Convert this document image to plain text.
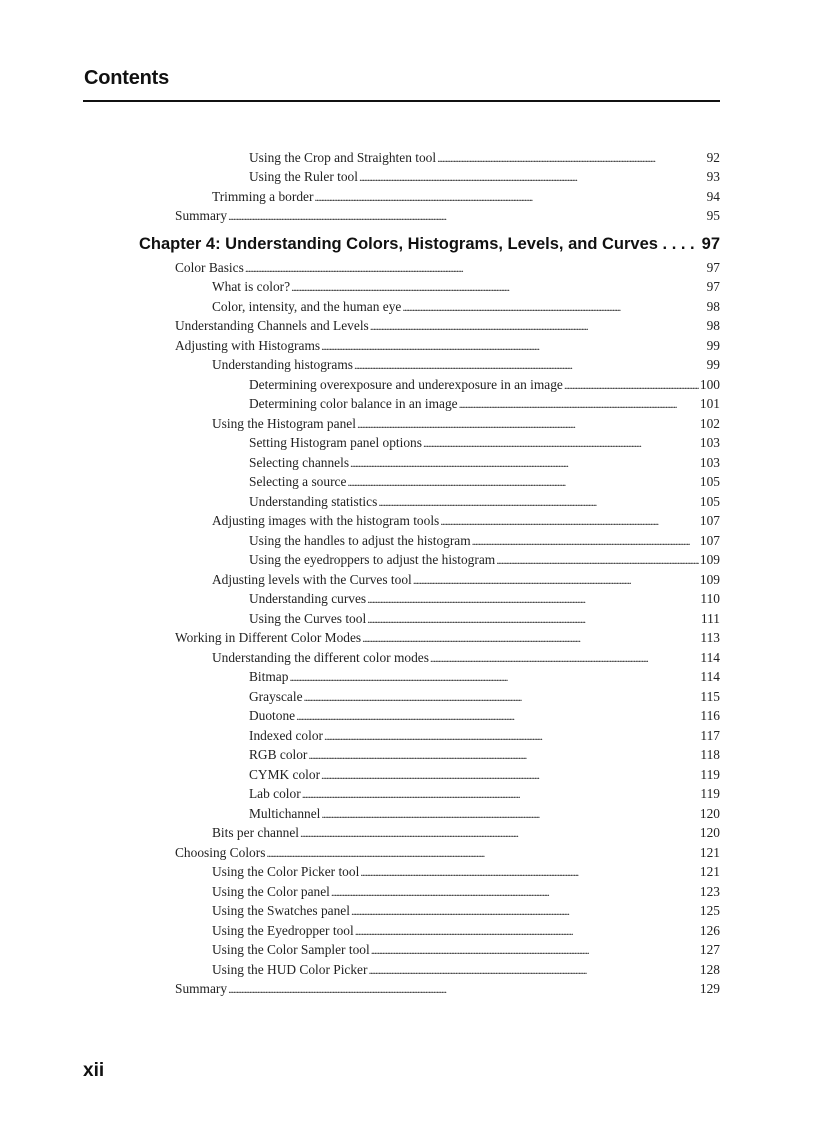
Contents
Using the Crop and Straighten tool . . .	92
Using the Ruler tool . . .	93
Trimming a border . . .	94
Summary . . .	95
Chapter 4: Understanding Colors, Histograms, Levels, and Curves . . .	97
Color Basics . . .	97
What is color? . . .	97
Color, intensity, and the human eye . . .	98
Understanding Channels and Levels . . .	98
Adjusting with Histograms . . .	99
Understanding histograms . . .	99
Determining overexposure and underexposure in an image . . .	100
Determining color balance in an image . . .	101
Using the Histogram panel . . .	102
Setting Histogram panel options . . .	103
Selecting channels . . .	103
Selecting a source . . .	105
Understanding statistics . . .	105
Adjusting images with the histogram tools . . .	107
Using the handles to adjust the histogram . . .	107
Using the eyedroppers to adjust the histogram . . .	109
Adjusting levels with the Curves tool . . .	109
Understanding curves . . .	110
Using the Curves tool . . .	111
Working in Different Color Modes . . .	113
Understanding the different color modes . . .	114
Bitmap . . .	114
Grayscale . . .	115
Duotone . . .	116
Indexed color . . .	117
RGB color . . .	118
CYMK color . . .	119
Lab color . . .	119
Multichannel . . .	120
Bits per channel . . .	120
Choosing Colors . . .	121
Using the Color Picker tool . . .	121
Using the Color panel . . .	123
Using the Swatches panel . . .	125
Using the Eyedropper tool . . .	126
Using the Color Sampler tool . . .	127
Using the HUD Color Picker . . .	128
Summary . . .	129
xii
